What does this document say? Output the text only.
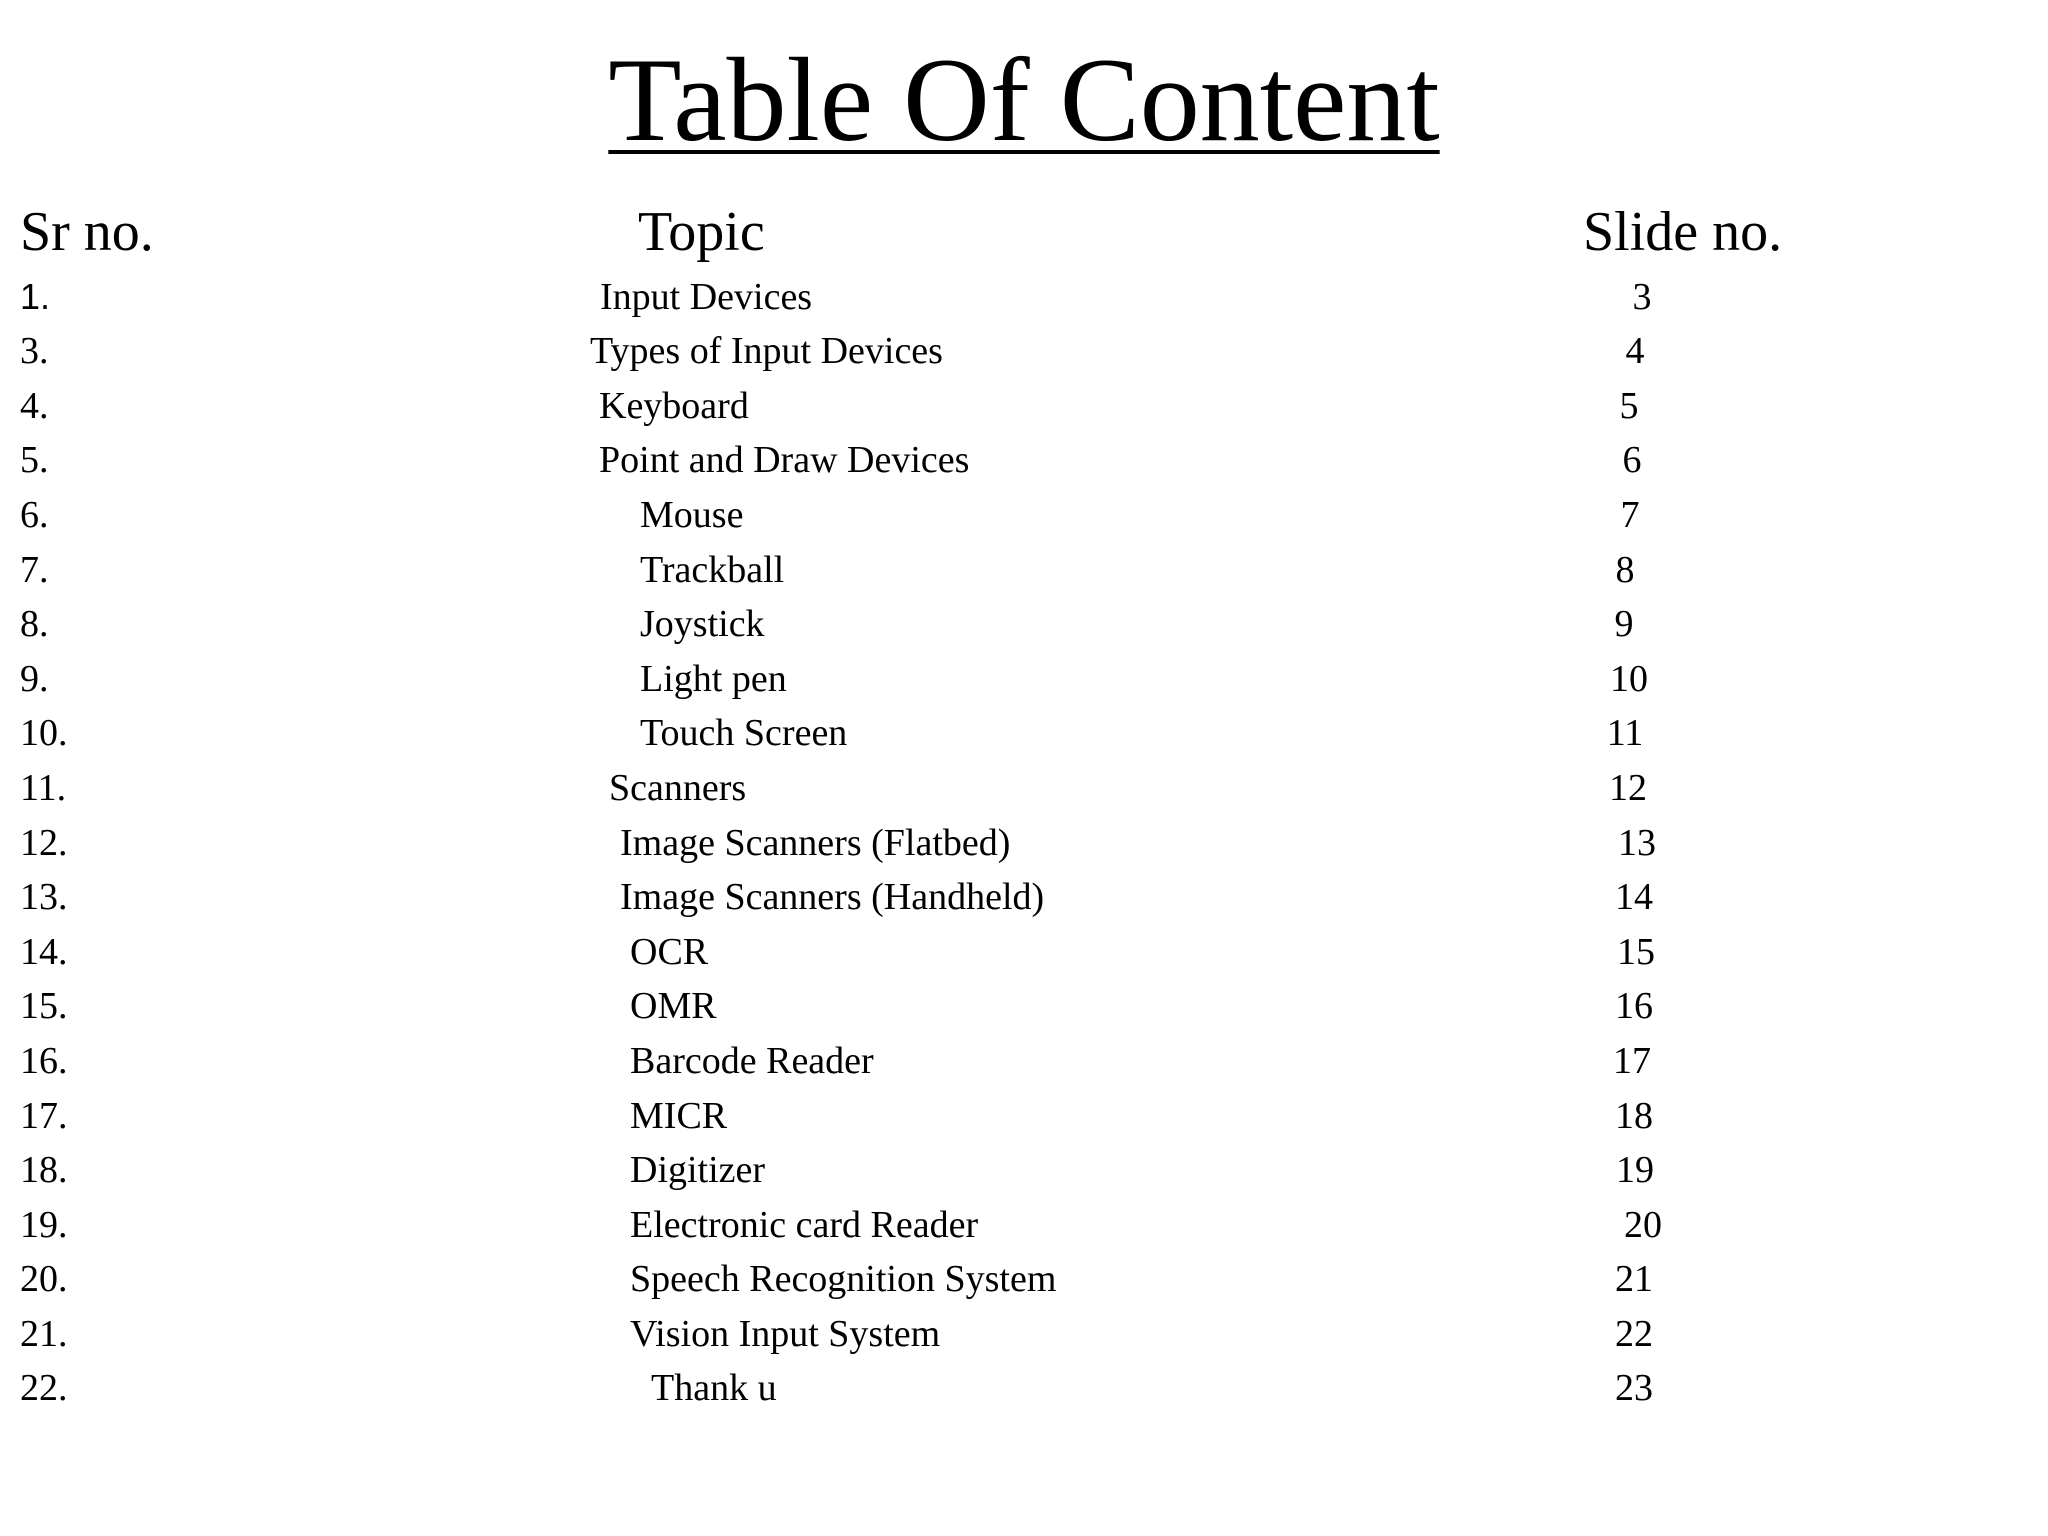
Table Of Content
Sr no.	Topic	Slide no.
1.	Input Devices	3
3.	Types of Input Devices	4
4.	Keyboard	5
5.	Point and Draw Devices	6
6.	Mouse	7
7.	Trackball	8
8.	Joystick	9
9.	Light pen	10
10.	Touch Screen	11
11.	Scanners	12
12.	Image Scanners (Flatbed)	13
13.	Image Scanners (Handheld)	14
14.	OCR	15
15.	OMR	16
16.	Barcode Reader	17
17.	MICR	18
18.	Digitizer	19
19.	Electronic card Reader	20
20.	Speech Recognition System	21
21.	Vision Input System	22
22.	Thank u	23
